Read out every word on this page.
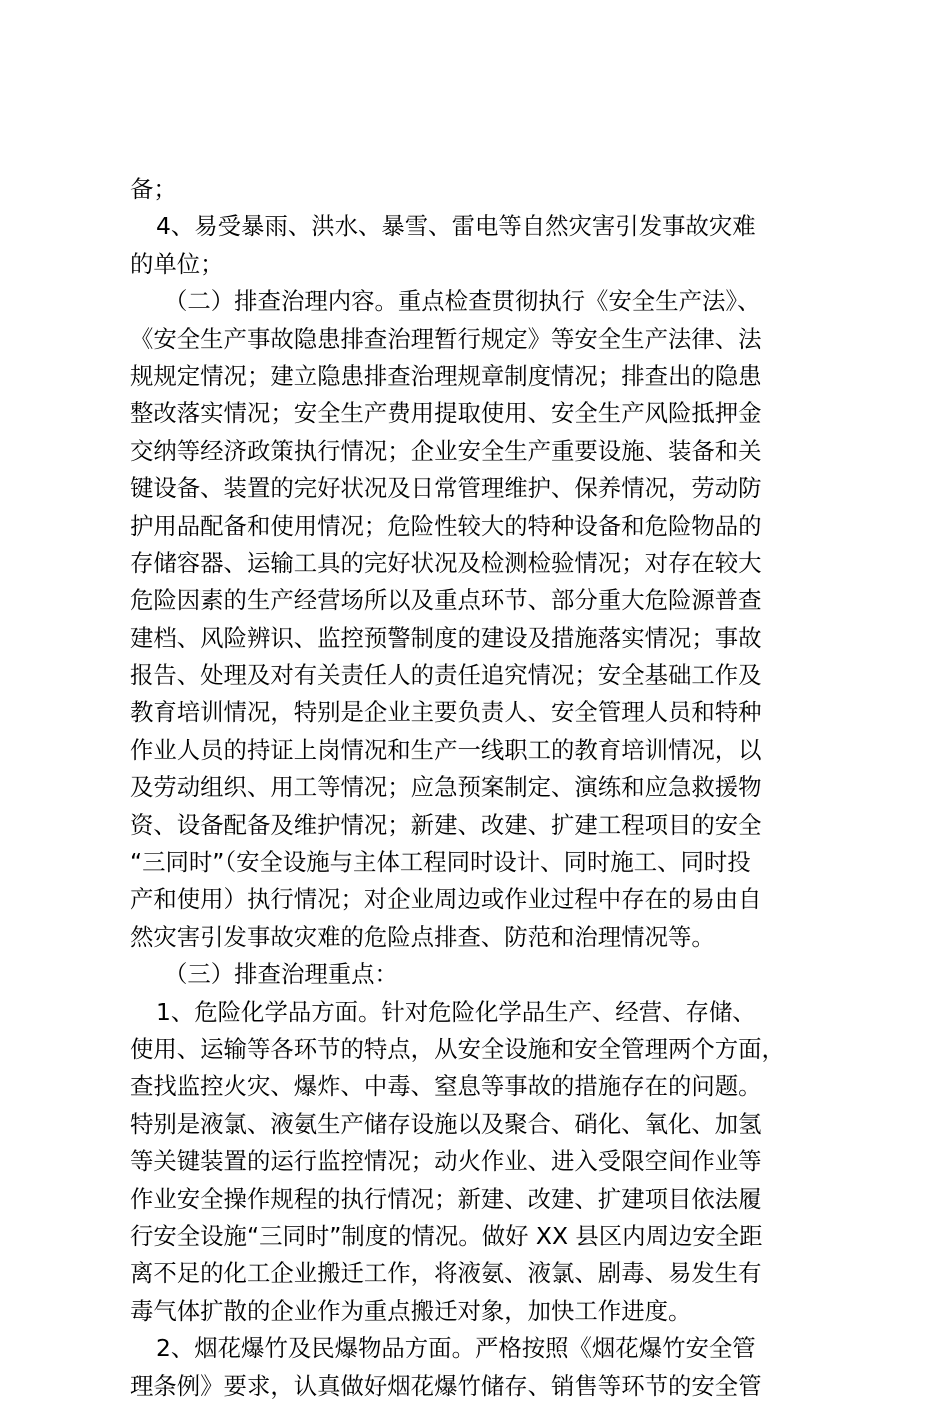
备；
4、易受暴雨、洪水、暴雪、雷电等自然灾害引发事故灾难
的单位；
（二）排查治理内容。重点检查贯彻执行《安全生产法》、
《安全生产事故隐患排查治理暂行规定》等安全生产法律、法
规规定情况；建立隐患排查治理规章制度情况；排查出的隐患
整改落实情况；安全生产费用提取使用、安全生产风险抵押金
交纳等经济政策执行情况；企业安全生产重要设施、装备和关
键设备、装置的完好状况及日常管理维护、保养情况，劳动防
护用品配备和使用情况；危险性较大的特种设备和危险物品的
存储容器、运输工具的完好状况及检测检验情况；对存在较大
危险因素的生产经营场所以及重点环节、部分重大危险源普查
建档、风险辨识、监控预警制度的建设及措施落实情况；事故
报告、处理及对有关责任人的责任追究情况；安全基础工作及
教育培训情况，特别是企业主要负责人、安全管理人员和特种
作业人员的持证上岗情况和生产一线职工的教育培训情况，以
及劳动组织、用工等情况；应急预案制定、演练和应急救援物
资、设备配备及维护情况；新建、改建、扩建工程项目的安全
“三同时”（安全设施与主体工程同时设计、同时施工、同时投
产和使用）执行情况；对企业周边或作业过程中存在的易由自
然灾害引发事故灾难的危险点排查、防范和治理情况等。
（三）排查治理重点：
1、危险化学品方面。针对危险化学品生产、经营、存储、
使用、运输等各环节的特点，从安全设施和安全管理两个方面，
查找监控火灾、爆炸、中毒、窒息等事故的措施存在的问题。
特别是液氯、液氨生产储存设施以及聚合、硝化、氧化、加氢
等关键装置的运行监控情况；动火作业、进入受限空间作业等
作业安全操作规程的执行情况；新建、改建、扩建项目依法履
行安全设施“三同时”制度的情况。做好 XX 县区内周边安全距
离不足的化工企业搬迁工作，将液氨、液氯、剧毒、易发生有
毒气体扩散的企业作为重点搬迁对象，加快工作进度。
2、烟花爆竹及民爆物品方面。严格按照《烟花爆竹安全管
理条例》要求，认真做好烟花爆竹储存、销售等环节的安全管
